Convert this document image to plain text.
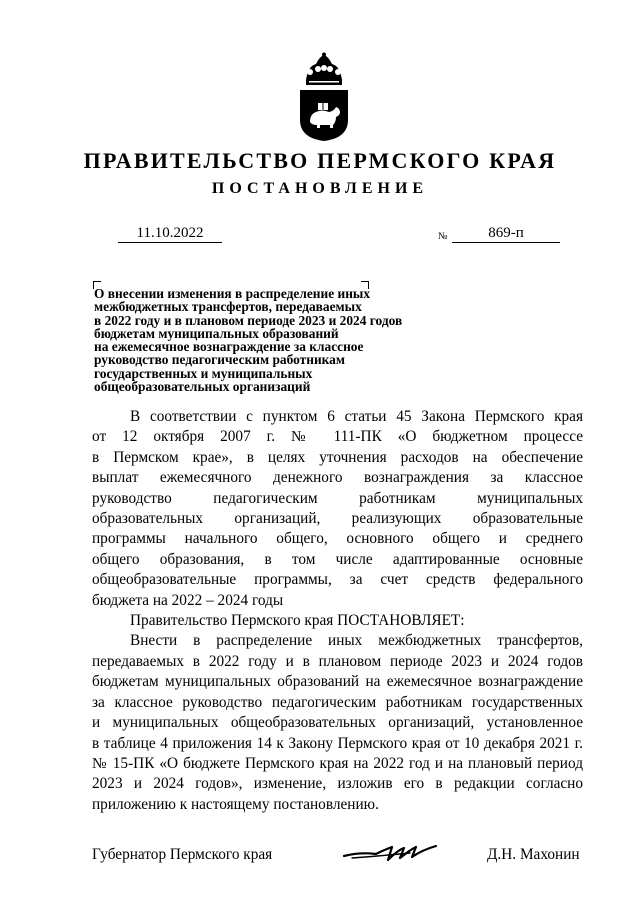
ПРАВИТЕЛЬСТВО ПЕРМСКОГО КРАЯ
ПОСТАНОВЛЕНИЕ
11.10.2022	№	869-п
О внесении изменения в распределение иных
межбюджетных трансфертов, передаваемых
в 2022 году и в плановом периоде 2023 и 2024 годов
бюджетам муниципальных образований
на ежемесячное вознаграждение за классное
руководство педагогическим работникам
государственных и муниципальных
общеобразовательных организаций
В соответствии с пунктом 6 статьи 45 Закона Пермского края
от 12 октября 2007 г. № 111-ПК «О бюджетном процессе
в Пермском крае», в целях уточнения расходов на обеспечение
выплат ежемесячного денежного вознаграждения за классное
руководство педагогическим работникам муниципальных
образовательных организаций, реализующих образовательные
программы начального общего, основного общего и среднего
общего образования, в том числе адаптированные основные
общеобразовательные программы, за счет средств федерального
бюджета на 2022 – 2024 годы
Правительство Пермского края ПОСТАНОВЛЯЕТ:
Внести в распределение иных межбюджетных трансфертов,
передаваемых в 2022 году и в плановом периоде 2023 и 2024 годов
бюджетам муниципальных образований на ежемесячное вознаграждение
за классное руководство педагогическим работникам государственных
и муниципальных общеобразовательных организаций, установленное
в таблице 4 приложения 14 к Закону Пермского края от 10 декабря 2021 г.
№ 15-ПК «О бюджете Пермского края на 2022 год и на плановый период
2023 и 2024 годов», изменение, изложив его в редакции согласно
приложению к настоящему постановлению.
Губернатор Пермского края	Д.Н. Махонин
